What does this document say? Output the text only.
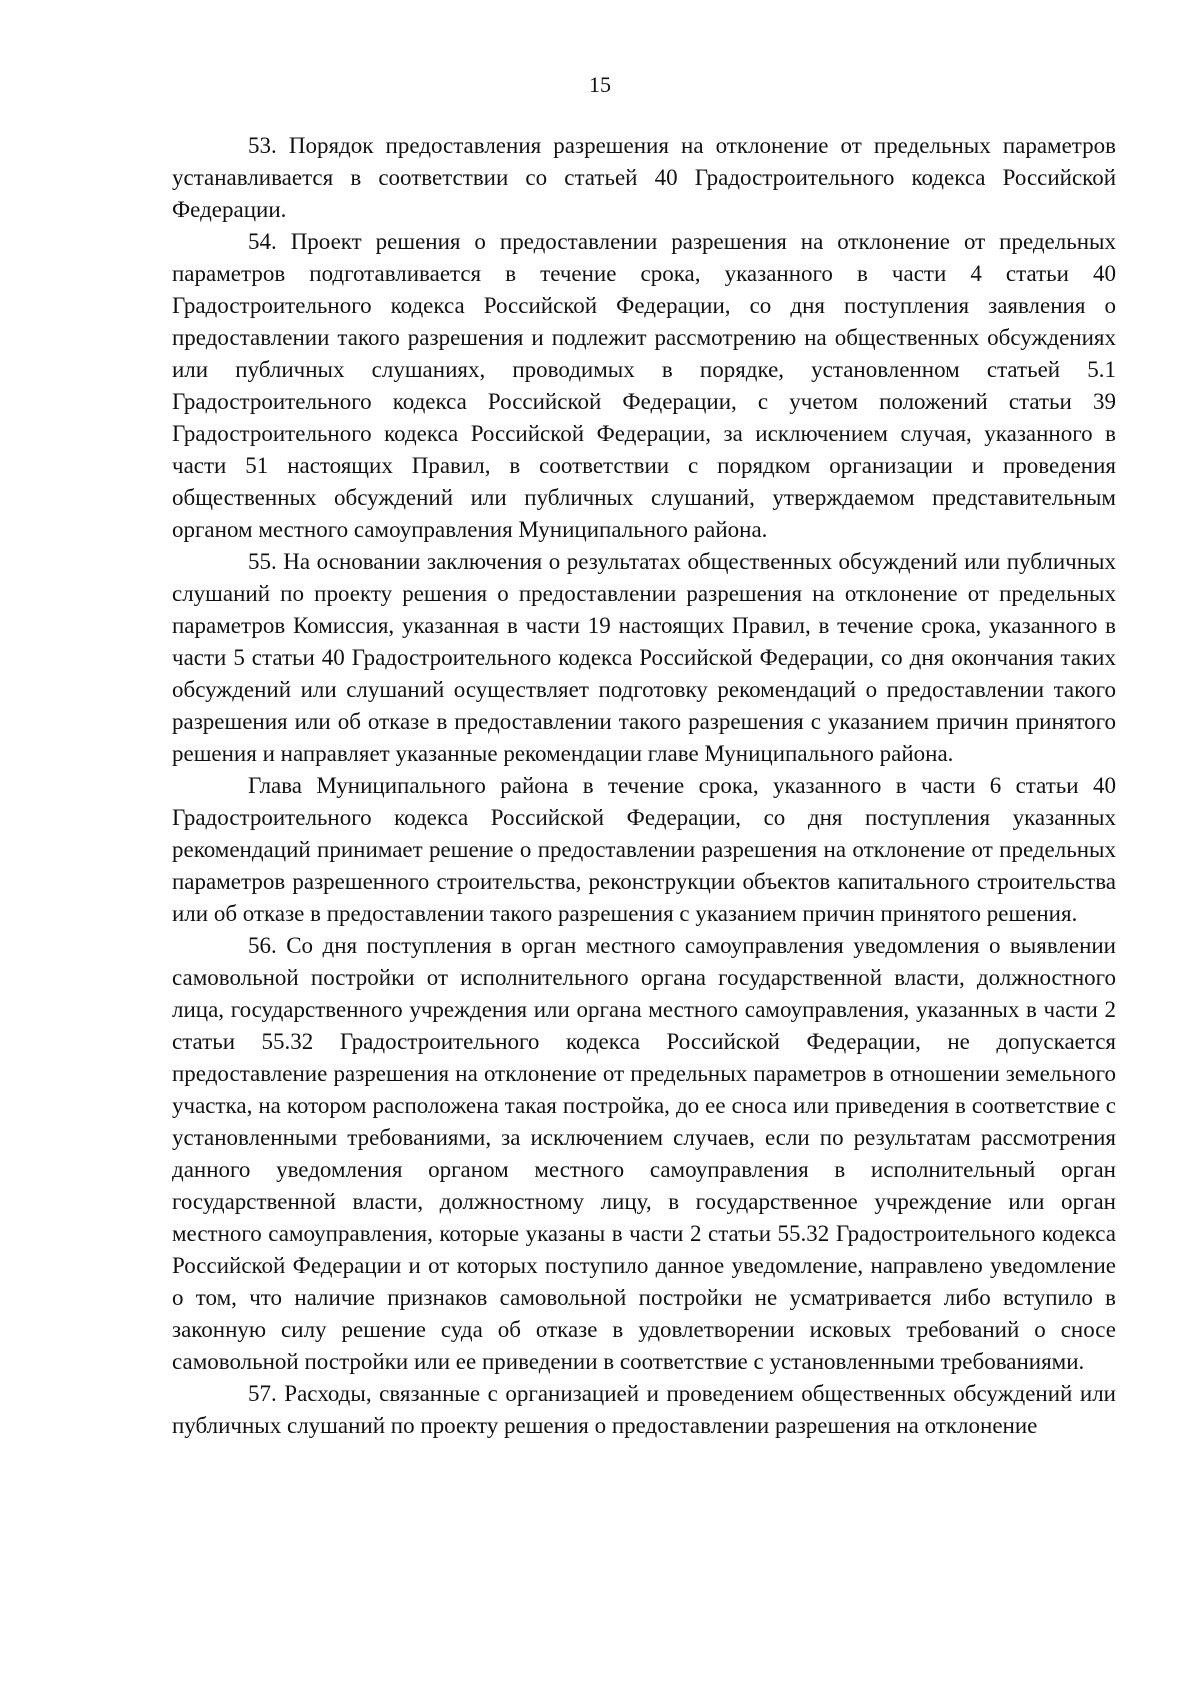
15

53. Порядок предоставления разрешения на отклонение от предельных параметров устанавливается в соответствии со статьей 40 Градостроительного кодекса Российской Федерации.

54. Проект решения о предоставлении разрешения на отклонение от предельных параметров подготавливается в течение срока, указанного в части 4 статьи 40 Градостроительного кодекса Российской Федерации, со дня поступления заявления о предоставлении такого разрешения и подлежит рассмотрению на общественных обсуждениях или публичных слушаниях, проводимых в порядке, установленном статьей 5.1 Градостроительного кодекса Российской Федерации, с учетом положений статьи 39 Градостроительного кодекса Российской Федерации, за исключением случая, указанного в части 51 настоящих Правил, в соответствии с порядком организации и проведения общественных обсуждений или публичных слушаний, утверждаемом представительным органом местного самоуправления Муниципального района.

55. На основании заключения о результатах общественных обсуждений или публичных слушаний по проекту решения о предоставлении разрешения на отклонение от предельных параметров Комиссия, указанная в части 19 настоящих Правил, в течение срока, указанного в части 5 статьи 40 Градостроительного кодекса Российской Федерации, со дня окончания таких обсуждений или слушаний осуществляет подготовку рекомендаций о предоставлении такого разрешения или об отказе в предоставлении такого разрешения с указанием причин принятого решения и направляет указанные рекомендации главе Муниципального района.

Глава Муниципального района в течение срока, указанного в части 6 статьи 40 Градостроительного кодекса Российской Федерации, со дня поступления указанных рекомендаций принимает решение о предоставлении разрешения на отклонение от предельных параметров разрешенного строительства, реконструкции объектов капитального строительства или об отказе в предоставлении такого разрешения с указанием причин принятого решения.

56. Со дня поступления в орган местного самоуправления уведомления о выявлении самовольной постройки от исполнительного органа государственной власти, должностного лица, государственного учреждения или органа местного самоуправления, указанных в части 2 статьи 55.32 Градостроительного кодекса Российской Федерации, не допускается предоставление разрешения на отклонение от предельных параметров в отношении земельного участка, на котором расположена такая постройка, до ее сноса или приведения в соответствие с установленными требованиями, за исключением случаев, если по результатам рассмотрения данного уведомления органом местного самоуправления в исполнительный орган государственной власти, должностному лицу, в государственное учреждение или орган местного самоуправления, которые указаны в части 2 статьи 55.32 Градостроительного кодекса Российской Федерации и от которых поступило данное уведомление, направлено уведомление о том, что наличие признаков самовольной постройки не усматривается либо вступило в законную силу решение суда об отказе в удовлетворении исковых требований о сносе самовольной постройки или ее приведении в соответствие с установленными требованиями.

57. Расходы, связанные с организацией и проведением общественных обсуждений или публичных слушаний по проекту решения о предоставлении разрешения на отклонение
